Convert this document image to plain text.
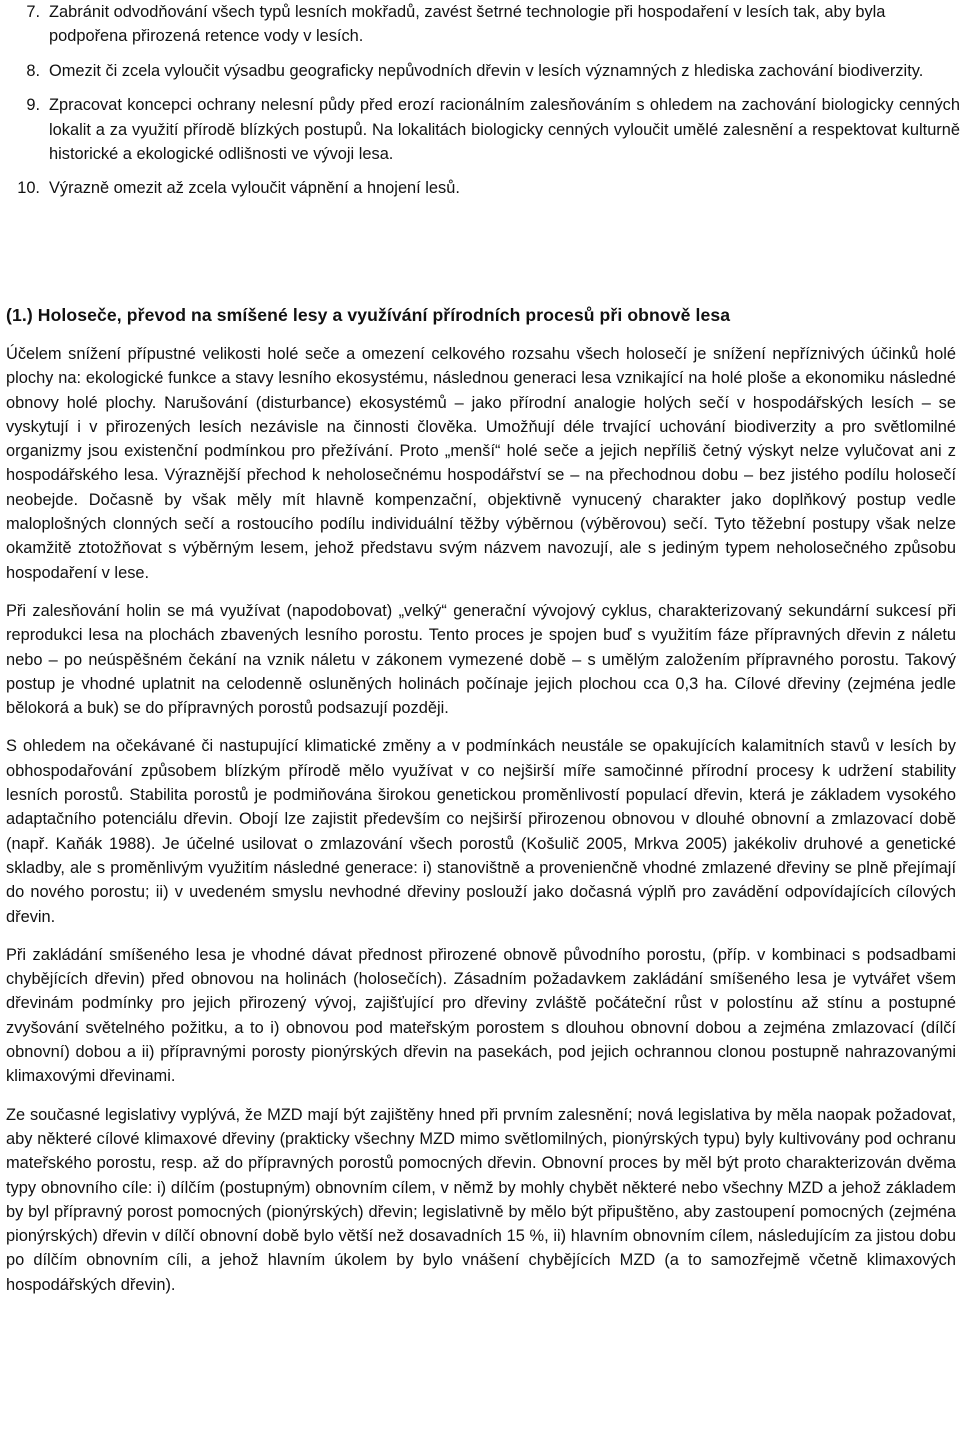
7. Zabránit odvodňování všech typů lesních mokřadů, zavést šetrné technologie při hospodaření v lesích tak, aby byla podpořena přirozená retence vody v lesích.
8. Omezit či zcela vyloučit výsadbu geograficky nepůvodních dřevin v lesích významných z hlediska zachování biodiverzity.
9. Zpracovat koncepci ochrany nelesní půdy před erozí racionálním zalesňováním s ohledem na zachování biologicky cenných lokalit a za využití přírodě blízkých postupů. Na lokalitách biologicky cenných vyloučit umělé zalesnění a respektovat kulturně historické a ekologické odlišnosti ve vývoji lesa.
10. Výrazně omezit až zcela vyloučit vápnění a hnojení lesů.
(1.) Holoseče, převod na smíšené lesy a využívání přírodních procesů při obnově lesa

Účelem snížení přípustné velikosti holé seče a omezení celkového rozsahu všech holosečí je snížení nepříznivých účinků holé plochy na: ekologické funkce a stavy lesního ekosystému, následnou generaci lesa vznikající na holé ploše a ekonomiku následné obnovy holé plochy. Narušování (disturbance) ekosystémů – jako přírodní analogie holých sečí v hospodářských lesích – se vyskytují i v přirozených lesích nezávisle na činnosti člověka. Umožňují déle trvající uchování biodiverzity a pro světlomilné organizmy jsou existenční podmínkou pro přežívání. Proto „menší“ holé seče a jejich nepříliš četný výskyt nelze vylučovat ani z hospodářského lesa. Výraznější přechod k neholosečnému hospodářství se – na přechodnou dobu – bez jistého podílu holosečí neobejde. Dočasně by však měly mít hlavně kompenzační, objektivně vynucený charakter jako doplňkový postup vedle maloplošných clonných sečí a rostoucího podílu individuální těžby výběrnou (výběrovou) sečí. Tyto těžební postupy však nelze okamžitě ztotožňovat s výběrným lesem, jehož představu svým názvem navozují, ale s jediným typem neholosečného způsobu hospodaření v lese.

Při zalesňování holin se má využívat (napodobovat) „velký“ generační vývojový cyklus, charakterizovaný sekundární sukcesí při reprodukci lesa na plochách zbavených lesního porostu. Tento proces je spojen buď s využitím fáze přípravných dřevin z náletu nebo – po neúspěšném čekání na vznik náletu v zákonem vymezené době – s umělým založením přípravného porostu. Takový postup je vhodné uplatnit na celodenně osluněných holinách počínaje jejich plochou cca 0,3 ha. Cílové dřeviny (zejména jedle bělokorá a buk) se do přípravných porostů podsazují později.

S ohledem na očekávané či nastupující klimatické změny a v podmínkách neustále se opakujících kalamitních stavů v lesích by obhospodařování způsobem blízkým přírodě mělo využívat v co nejširší míře samočinné přírodní procesy k udržení stability lesních porostů. Stabilita porostů je podmiňována širokou genetickou proměnlivostí populací dřevin, která je základem vysokého adaptačního potenciálu dřevin. Obojí lze zajistit především co nejširší přirozenou obnovou v dlouhé obnovní a zmlazovací době (např. Kaňák 1988). Je účelné usilovat o zmlazování všech porostů (Košulič 2005, Mrkva 2005) jakékoliv druhové a genetické skladby, ale s proměnlivým využitím následné generace: i) stanovištně a provenienčně vhodné zmlazené dřeviny se plně přejímají do nového porostu; ii) v uvedeném smyslu nevhodné dřeviny poslouží jako dočasná výplň pro zavádění odpovídajících cílových dřevin.

Při zakládání smíšeného lesa je vhodné dávat přednost přirozené obnově původního porostu, (příp. v kombinaci s podsadbami chybějících dřevin) před obnovou na holinách (holosečích). Zásadním požadavkem zakládání smíšeného lesa je vytvářet všem dřevinám podmínky pro jejich přirozený vývoj, zajišťující pro dřeviny zvláště počáteční růst v polostínu až stínu a postupné zvyšování světelného požitku, a to i) obnovou pod mateřským porostem s dlouhou obnovní dobou a zejména zmlazovací (dílčí obnovní) dobou a ii) přípravnými porosty pionýrských dřevin na pasekách, pod jejich ochrannou clonou postupně nahrazovanými klimaxovými dřevinami.

Ze současné legislativy vyplývá, že MZD mají být zajištěny hned při prvním zalesnění; nová legislativa by měla naopak požadovat, aby některé cílové klimaxové dřeviny (prakticky všechny MZD mimo světlomilných, pionýrských typu) byly kultivovány pod ochranu mateřského porostu, resp. až do přípravných porostů pomocných dřevin. Obnovní proces by měl být proto charakterizován dvěma typy obnovního cíle: i) dílčím (postupným) obnovním cílem, v němž by mohly chybět některé nebo všechny MZD a jehož základem by byl přípravný porost pomocných (pionýrských) dřevin; legislativně by mělo být připuštěno, aby zastoupení pomocných (zejména pionýrských) dřevin v dílčí obnovní době bylo větší než dosavadních 15 %, ii) hlavním obnovním cílem, následujícím za jistou dobu po dílčím obnovním cíli, a jehož hlavním úkolem by bylo vnášení chybějících MZD (a to samozřejmě včetně klimaxových hospodářských dřevin).
